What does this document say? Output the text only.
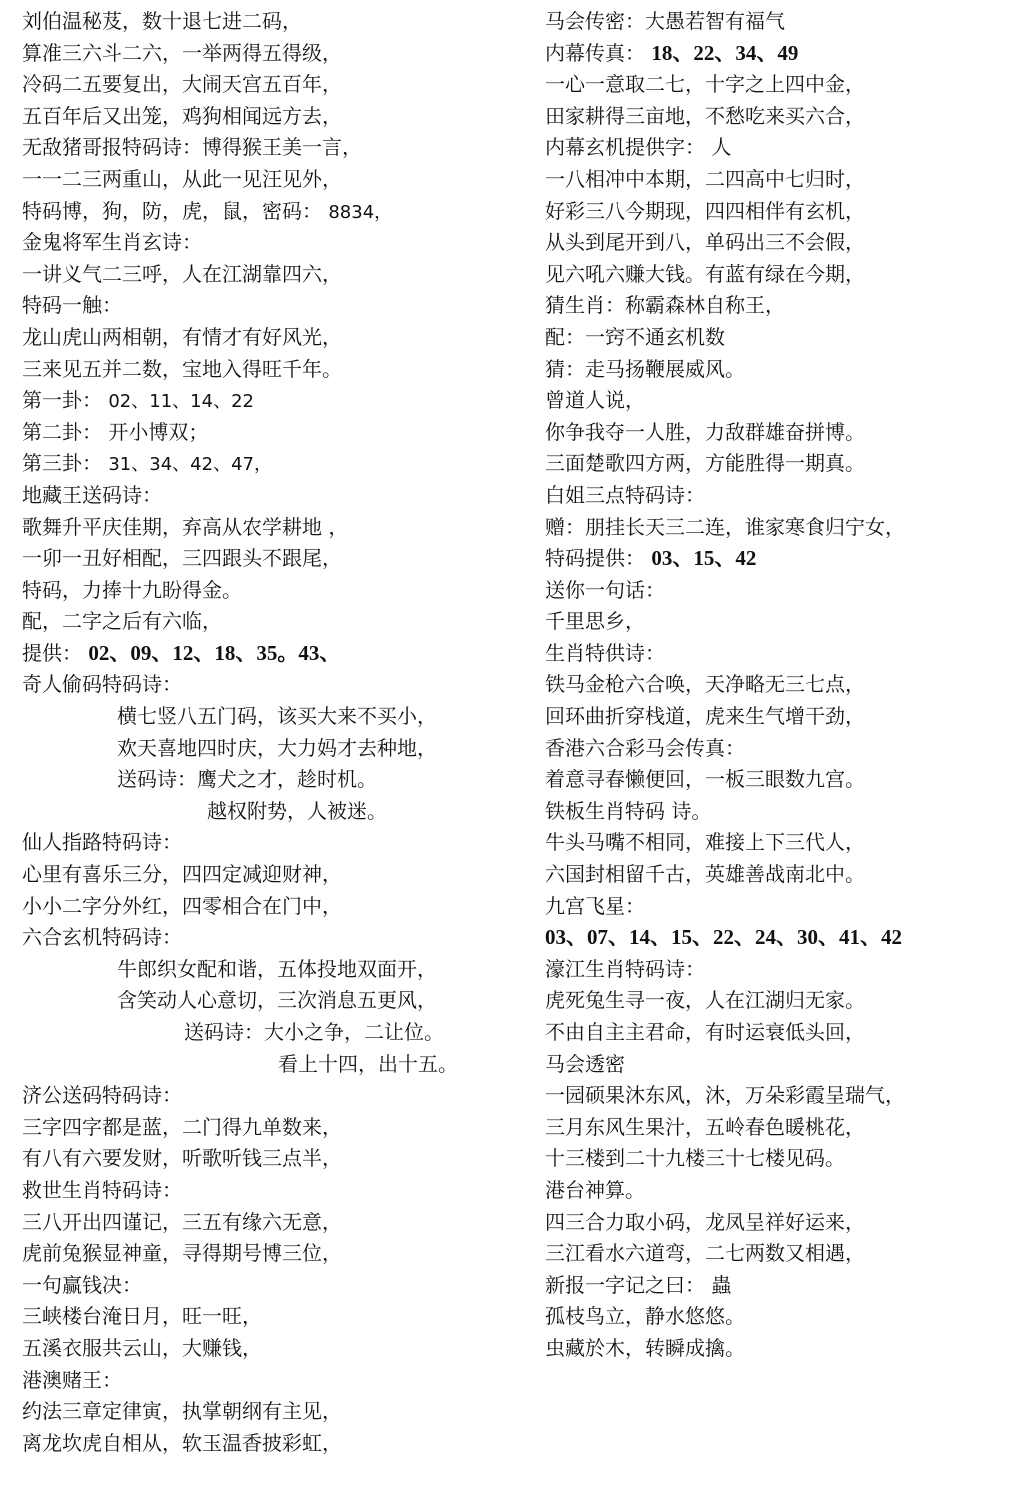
刘伯温秘芨，数十退七进二码，
算准三六斗二六，一举两得五得级，
冷码二五要复出，大闹天宫五百年，
五百年后又出笼，鸡狗相闻远方去，
无敌猪哥报特码诗：博得猴王美一言，
一一二三两重山，从此一见汪见外，
特码博，狗，防，虎，鼠，密码： 8834，
金鬼将军生肖玄诗：
一讲义气二三呼，人在江湖靠四六，
特码一触：
龙山虎山两相朝，有情才有好风光，
三来见五并二数，宝地入得旺千年。
第一卦： 02、11、14、22
第二卦： 开小博双；
第三卦： 31、34、42、47，
地藏王送码诗：
歌舞升平庆佳期，弃高从农学耕地 ，
一卯一丑好相配，三四跟头不跟尾，
特码，力捧十九盼得金。
配，二字之后有六临，
提供： 02、09、12、18、35。43、
奇人偷码特码诗：
横七竖八五门码，该买大来不买小，
欢天喜地四时庆，大力妈才去种地，
送码诗：鹰犬之才，趁时机。
越权附势，人被迷。
仙人指路特码诗：
心里有喜乐三分，四四定减迎财神，
小小二字分外红，四零相合在门中，
六合玄机特码诗：
牛郎织女配和谐，五体投地双面开，
含笑动人心意切，三次消息五更风，
送码诗：大小之争，二让位。
看上十四，出十五。
济公送码特码诗：
三字四字都是蓝，二门得九单数来，
有八有六要发财，听歌听钱三点半，
救世生肖特码诗：
三八开出四谨记，三五有缘六无意，
虎前兔猴显神童，寻得期号博三位，
一句赢钱决：
三峡楼台淹日月，旺一旺，
五溪衣服共云山，大赚钱，
港澳赌王：
约法三章定律寅，执掌朝纲有主见，
离龙坎虎自相从，软玉温香披彩虹，
马会传密：大愚若智有福气
内幕传真： 18、22、34、49
一心一意取二七，十字之上四中金，
田家耕得三亩地，不愁吃来买六合，
内幕玄机提供字： 人
一八相冲中本期，二四高中七归时，
好彩三八今期现，四四相伴有玄机，
从头到尾开到八，单码出三不会假，
见六吼六赚大钱。有蓝有绿在今期，
猜生肖：称霸森林自称王，
配：一窍不通玄机数
猜：走马扬鞭展威风。
曾道人说，
你争我夺一人胜，力敌群雄奋拼博。
三面楚歌四方两，方能胜得一期真。
白姐三点特码诗：
赠：朋挂长天三二连，谁家寒食归宁女，
特码提供： 03、15、42
送你一句话：
千里思乡，
生肖特供诗：
铁马金枪六合唤，天净略无三七点，
回环曲折穿栈道，虎来生气增干劲，
香港六合彩马会传真：
着意寻春懒便回，一板三眼数九宫。
铁板生肖特码 诗。
牛头马嘴不相同，难接上下三代人，
六国封相留千古，英雄善战南北中。
九宫飞星：
03、07、14、15、22、24、30、41、42
濠江生肖特码诗：
虎死兔生寻一夜，人在江湖归无家。
不由自主主君命，有时运衰低头回，
马会透密
一园硕果沐东风，沐，万朵彩霞呈瑞气，
三月东风生果汁，五岭春色暖桃花，
十三楼到二十九楼三十七楼见码。
港台神算。
四三合力取小码，龙凤呈祥好运来，
三江看水六道弯，二七两数又相遇，
新报一字记之曰： 蟲
孤枝鸟立，静水悠悠。
虫藏於木，转瞬成擒。
